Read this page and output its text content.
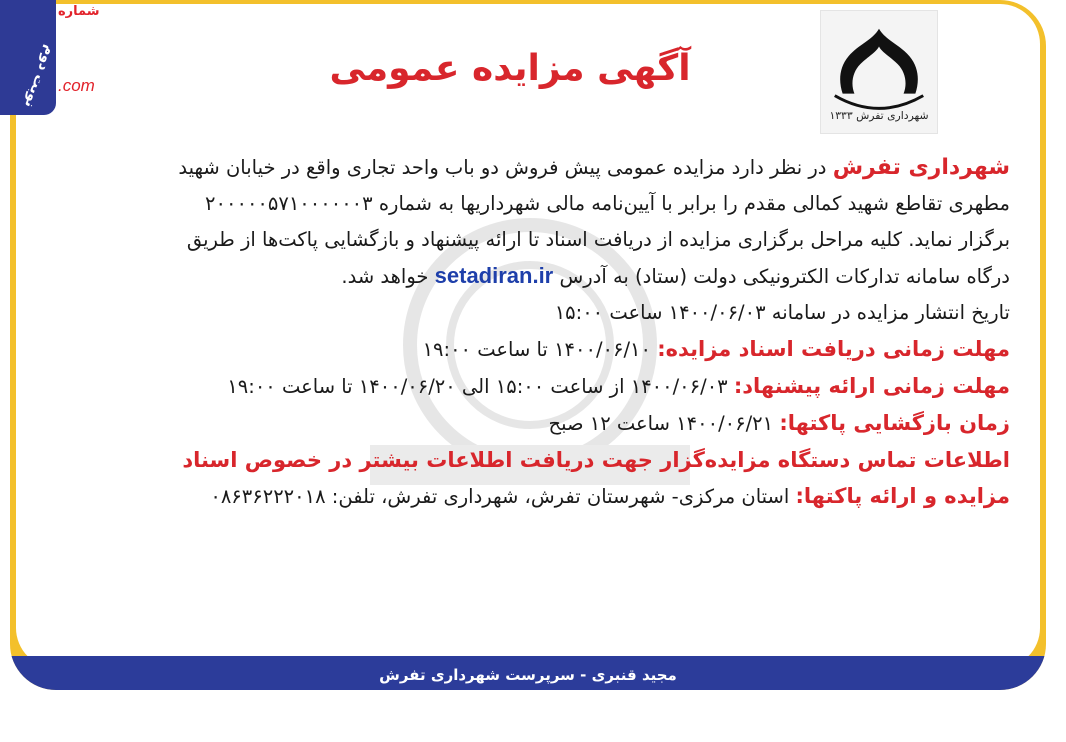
مجید قنبری - سرپرست شهرداری تفرش
نوبت دوم
شماره
.com
شهرداری تفرش ۱۳۳۳
آگهی مزایده عمومی
شهرداری تفرش در نظر دارد مزایده عمومی پیش فروش دو باب واحد تجاری واقع در خیابان شهید
مطهری تقاطع شهید کمالی مقدم را برابر با آیین‌نامه مالی شهرداریها به شماره ۲۰۰۰۰۰۵۷۱۰۰۰۰۰۰۳
برگزار نماید. کلیه مراحل برگزاری مزایده از دریافت اسناد تا ارائه پیشنهاد و بازگشایی پاکت‌ها از طریق
درگاه سامانه تدارکات الکترونیکی دولت (ستاد) به آدرس setadiran.ir خواهد شد.
تاریخ انتشار مزایده در سامانه ۱۴۰۰/۰۶/۰۳ ساعت ۱۵:۰۰
مهلت زمانی دریافت اسناد مزایده: ۱۴۰۰/۰۶/۱۰ تا ساعت ۱۹:۰۰
مهلت زمانی ارائه پیشنهاد: ۱۴۰۰/۰۶/۰۳ از ساعت ۱۵:۰۰ الی ۱۴۰۰/۰۶/۲۰ تا ساعت ۱۹:۰۰
زمان بازگشایی پاکتها: ۱۴۰۰/۰۶/۲۱ ساعت ۱۲ صبح
اطلاعات تماس دستگاه مزایده‌گزار جهت دریافت اطلاعات بیشتر در خصوص اسناد
مزایده و ارائه پاکتها: استان مرکزی- شهرستان تفرش، شهرداری تفرش، تلفن: ۰۸۶۳۶۲۲۲۰۱۸
